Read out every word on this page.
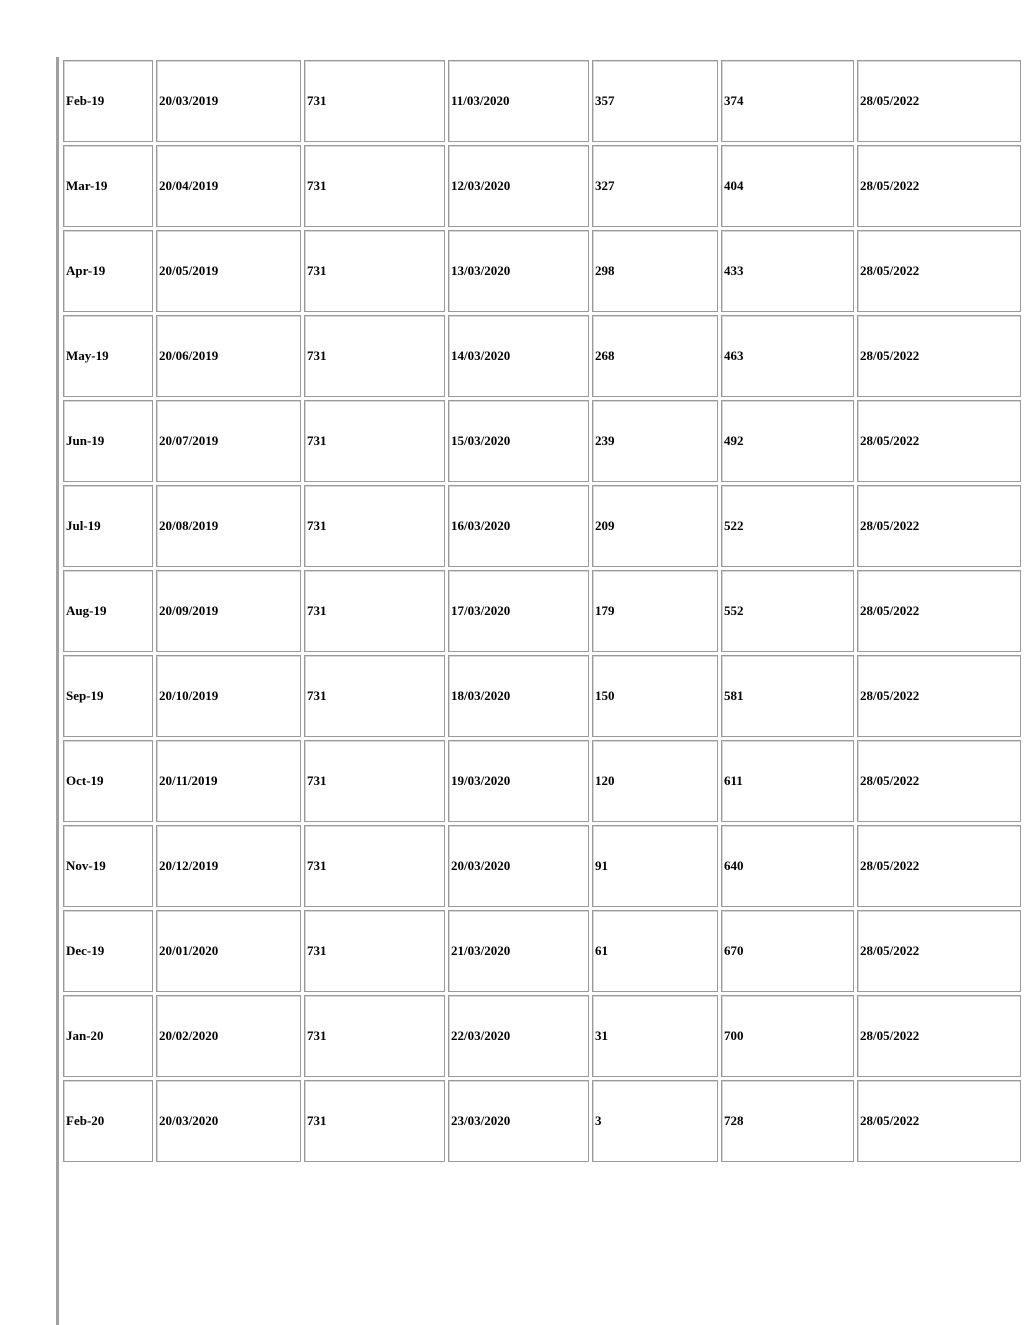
Feb-19	20/03/2019	731	11/03/2020	357	374	28/05/2022
Mar-19	20/04/2019	731	12/03/2020	327	404	28/05/2022
Apr-19	20/05/2019	731	13/03/2020	298	433	28/05/2022
May-19	20/06/2019	731	14/03/2020	268	463	28/05/2022
Jun-19	20/07/2019	731	15/03/2020	239	492	28/05/2022
Jul-19	20/08/2019	731	16/03/2020	209	522	28/05/2022
Aug-19	20/09/2019	731	17/03/2020	179	552	28/05/2022
Sep-19	20/10/2019	731	18/03/2020	150	581	28/05/2022
Oct-19	20/11/2019	731	19/03/2020	120	611	28/05/2022
Nov-19	20/12/2019	731	20/03/2020	91	640	28/05/2022
Dec-19	20/01/2020	731	21/03/2020	61	670	28/05/2022
Jan-20	20/02/2020	731	22/03/2020	31	700	28/05/2022
Feb-20	20/03/2020	731	23/03/2020	3	728	28/05/2022
